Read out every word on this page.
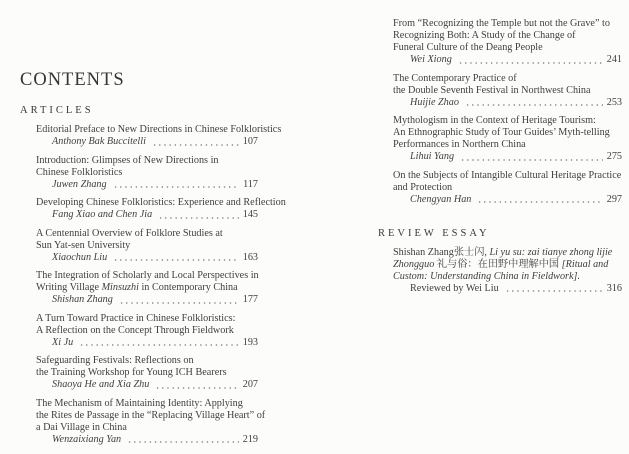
CONTENTS
ARTICLES
Editorial Preface to New Directions in Chinese Folkloristics
Anthony Bak Buccitelli	107
Introduction: Glimpses of New Directions in
Chinese Folkloristics
Juwen Zhang	117
Developing Chinese Folkloristics: Experience and Reflection
Fang Xiao and Chen Jia	145
A Centennial Overview of Folklore Studies at
Sun Yat-sen University
Xiaochun Liu	163
The Integration of Scholarly and Local Perspectives in
Writing Village Minsuzhi in Contemporary China
Shishan Zhang	177
A Turn Toward Practice in Chinese Folkloristics:
A Reflection on the Concept Through Fieldwork
Xi Ju	193
Safeguarding Festivals: Reflections on
the Training Workshop for Young ICH Bearers
Shaoya He and Xia Zhu	207
The Mechanism of Maintaining Identity: Applying
the Rites de Passage in the “Replacing Village Heart” of
a Dai Village in China
Wenzaixiang Yan	219
From “Recognizing the Temple but not the Grave” to
Recognizing Both: A Study of the Change of
Funeral Culture of the Deang People
Wei Xiong	241
The Contemporary Practice of
the Double Seventh Festival in Northwest China
Huijie Zhao	253
Mythologism in the Context of Heritage Tourism:
An Ethnographic Study of Tour Guides’ Myth-telling
Performances in Northern China
Lihui Yang	275
On the Subjects of Intangible Cultural Heritage Practice
and Protection
Chengyan Han	297
REVIEW ESSAY
Shishan Zhang张士闪, Li yu su: zai tianye zhong lijie
Zhongguo 礼与俗：在田野中理解中国 [Ritual and
Custom: Understanding China in Fieldwork].
Reviewed by Wei Liu	316
